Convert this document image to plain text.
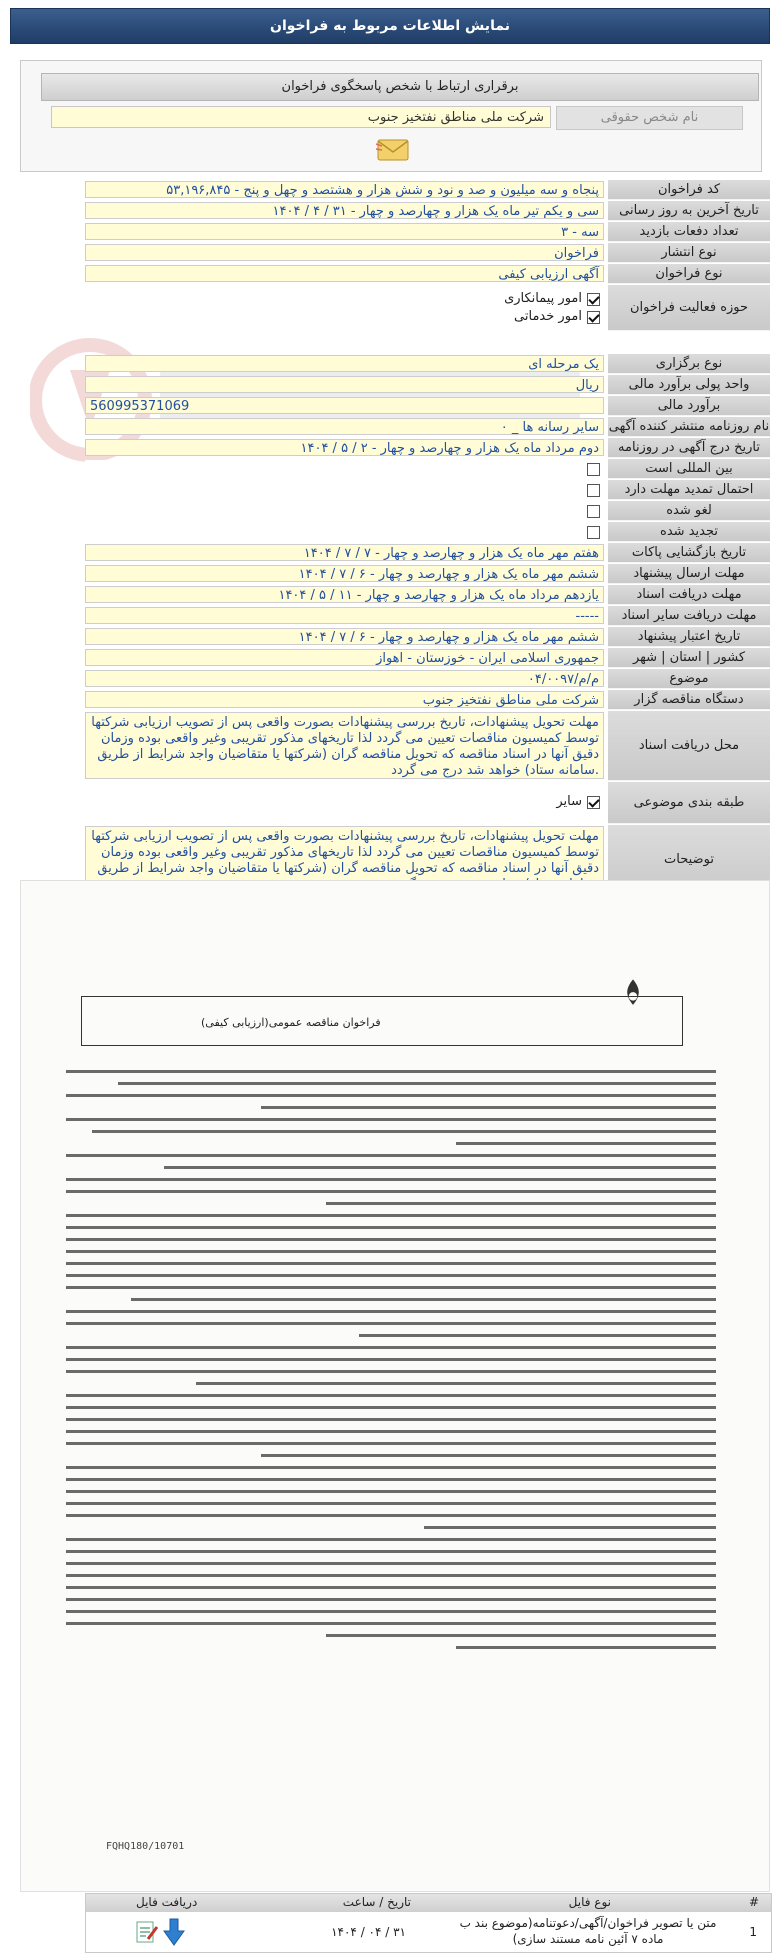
نمایش اطلاعات مربوط به فراخوان
برقراری ارتباط با شخص پاسخگوی فراخوان
نام شخص حقوقی
شرکت ملی مناطق نفتخیز جنوب
کد فراخوان
۵۳,۱۹۶,۸۴۵ - پنجاه و سه میلیون و صد و نود و شش هزار و هشتصد و چهل و پنج
تاریخ آخرین به روز رسانی
۱۴۰۴ / ۴ / ۳۱ - سی و یکم تیر ماه یک هزار و چهارصد و چهار
تعداد دفعات بازدید
۳ - سه
نوع انتشار
فراخوان
نوع فراخوان
آگهی ارزیابی کیفی
حوزه فعالیت فراخوان
امور پیمانکاری
امور خدماتی
نوع برگزاری
یک مرحله ای
واحد پولی برآورد مالی
ریال
برآورد مالی
560995371069
نام روزنامه منتشر کننده آگهی
سایر رسانه ها _ ۰
تاریخ درج آگهی در روزنامه
۱۴۰۴ / ۵ / ۲ - دوم مرداد ماه یک هزار و چهارصد و چهار
بین المللی است
احتمال تمدید مهلت دارد
لغو شده
تجدید شده
تاریخ بازگشایی پاکات
۱۴۰۴ / ۷ / ۷ - هفتم مهر ماه یک هزار و چهارصد و چهار
مهلت ارسال پیشنهاد
۱۴۰۴ / ۷ / ۶ - ششم مهر ماه یک هزار و چهارصد و چهار
مهلت دریافت اسناد
۱۴۰۴ / ۵ / ۱۱ - یازدهم مرداد ماه یک هزار و چهارصد و چهار
مهلت دریافت سایر اسناد
-----
تاریخ اعتبار پیشنهاد
۱۴۰۴ / ۷ / ۶ - ششم مهر ماه یک هزار و چهارصد و چهار
کشور | استان | شهر
جمهوری اسلامی ایران - خوزستان - اهواز
موضوع
م/م/۰۴/۰۰۹۷
دستگاه مناقصه گزار
شرکت ملی مناطق نفتخیز جنوب
محل دریافت اسناد
مهلت تحویل پیشنهادات، تاریخ بررسی پیشنهادات بصورت واقعی پس از تصویب ارزیابی شرکتها توسط کمیسیون مناقصات تعیین می گردد لذا تاریخهای مذکور تقریبی وغیر واقعی بوده وزمان دقیق آنها در اسناد مناقصه که تحویل مناقصه گران (شرکتها یا متقاضیان واجد شرایط از طریق سامانه ستاد) خواهد شد درج می گردد.
طبقه بندی موضوعی
سایر
توضیحات
مهلت تحویل پیشنهادات، تاریخ بررسی پیشنهادات بصورت واقعی پس از تصویب ارزیابی شرکتها توسط کمیسیون مناقصات تعیین می گردد لذا تاریخهای مذکور تقریبی وغیر واقعی بوده وزمان دقیق آنها در اسناد مناقصه که تحویل مناقصه گران (شرکتها یا متقاضیان واجد شرایط از طریق
فراخوان مناقصه عمومی(ارزیابی کیفی)
FQHQ180/10701
#
نوع فایل
تاریخ / ساعت
دریافت فایل
1
متن یا تصویر فراخوان/آگهی/دعوتنامه(موضوع بند ب ماده ۷ آئین نامه مستند سازی)
۱۴۰۴ / ۰۴ / ۳۱
